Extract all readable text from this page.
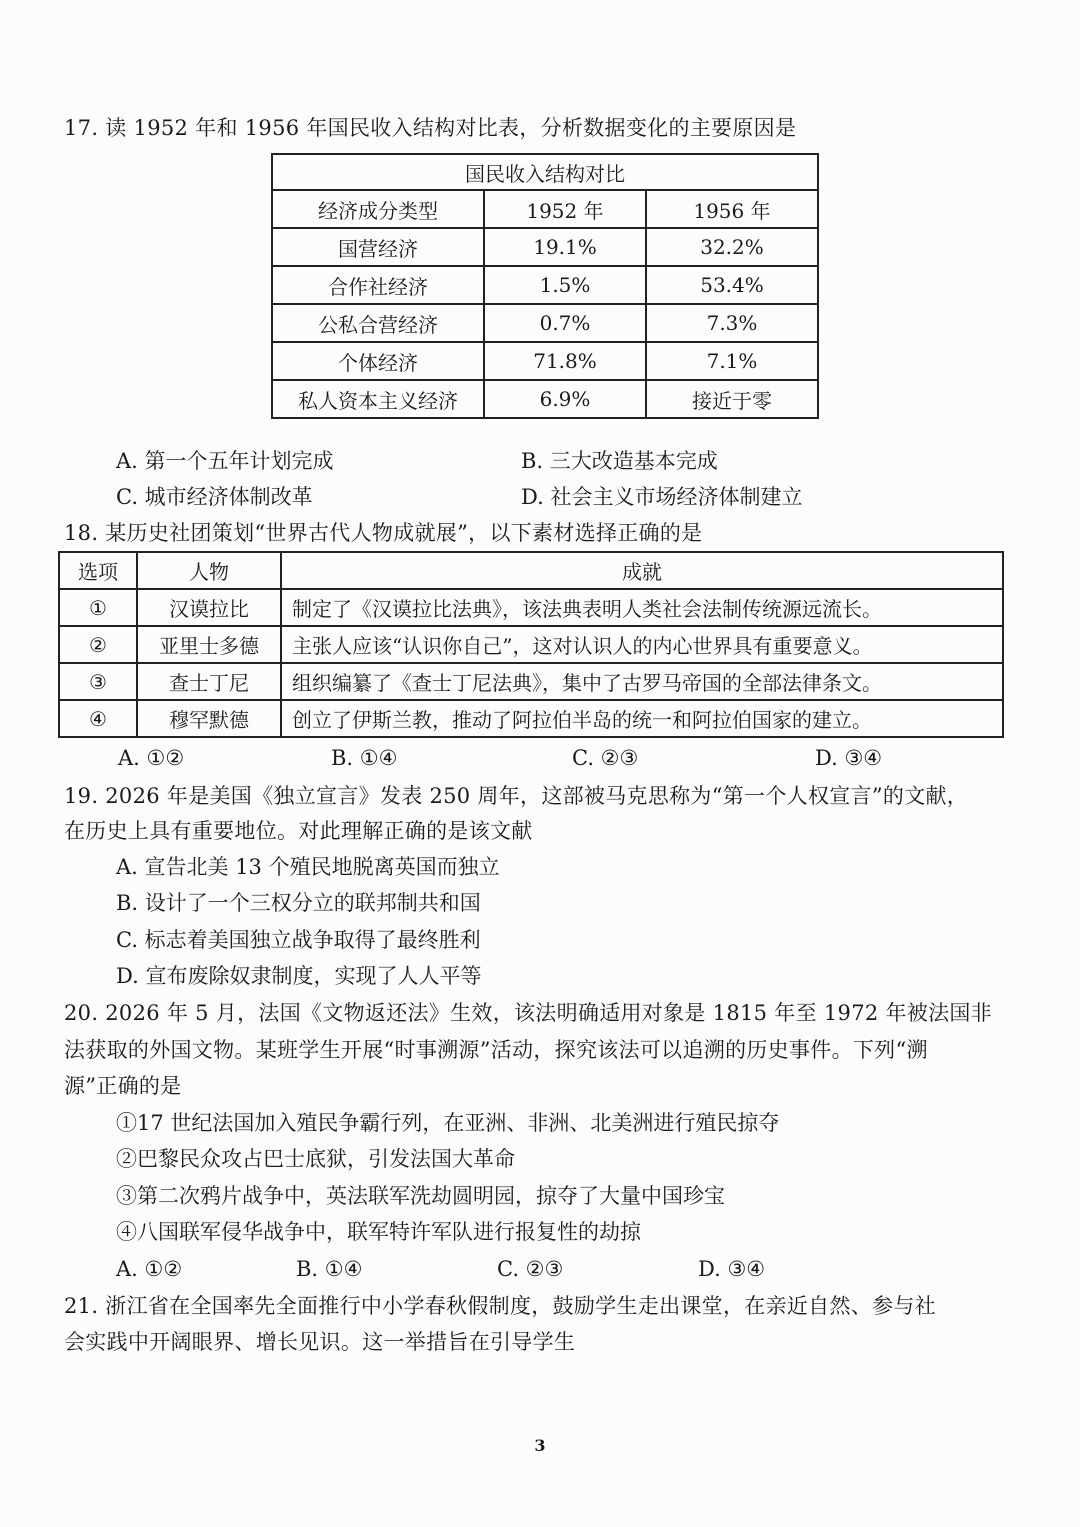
17. 读 1952 年和 1956 年国民收入结构对比表，分析数据变化的主要原因是
国民收入结构对比		
经济成分类型	1952 年	1956 年
国营经济	19.1%	32.2%
合作社经济	1.5%	53.4%
公私合营经济	0.7%	7.3%
个体经济	71.8%	7.1%
私人资本主义经济	6.9%	接近于零
A. 第一个五年计划完成	B. 三大改造基本完成
C. 城市经济体制改革	D. 社会主义市场经济体制建立
18. 某历史社团策划“世界古代人物成就展”，以下素材选择正确的是
选项	人物	成就
①	汉谟拉比	制定了《汉谟拉比法典》，该法典表明人类社会法制传统源远流长。
②	亚里士多德	主张人应该“认识你自己”，这对认识人的内心世界具有重要意义。
③	查士丁尼	组织编纂了《查士丁尼法典》，集中了古罗马帝国的全部法律条文。
④	穆罕默德	创立了伊斯兰教，推动了阿拉伯半岛的统一和阿拉伯国家的建立。
A. ①②	B. ①④	C. ②③	D. ③④
19. 2026 年是美国《独立宣言》发表 250 周年，这部被马克思称为“第一个人权宣言”的文献，
在历史上具有重要地位。对此理解正确的是该文献
A. 宣告北美 13 个殖民地脱离英国而独立
B. 设计了一个三权分立的联邦制共和国
C. 标志着美国独立战争取得了最终胜利
D. 宣布废除奴隶制度，实现了人人平等
20. 2026 年 5 月，法国《文物返还法》生效，该法明确适用对象是 1815 年至 1972 年被法国非
法获取的外国文物。某班学生开展“时事溯源”活动，探究该法可以追溯的历史事件。下列“溯
源”正确的是
①17 世纪法国加入殖民争霸行列，在亚洲、非洲、北美洲进行殖民掠夺
②巴黎民众攻占巴士底狱，引发法国大革命
③第二次鸦片战争中，英法联军洗劫圆明园，掠夺了大量中国珍宝
④八国联军侵华战争中，联军特许军队进行报复性的劫掠
A. ①②	B. ①④	C. ②③	D. ③④
21. 浙江省在全国率先全面推行中小学春秋假制度，鼓励学生走出课堂，在亲近自然、参与社
会实践中开阔眼界、增长见识。这一举措旨在引导学生
3
